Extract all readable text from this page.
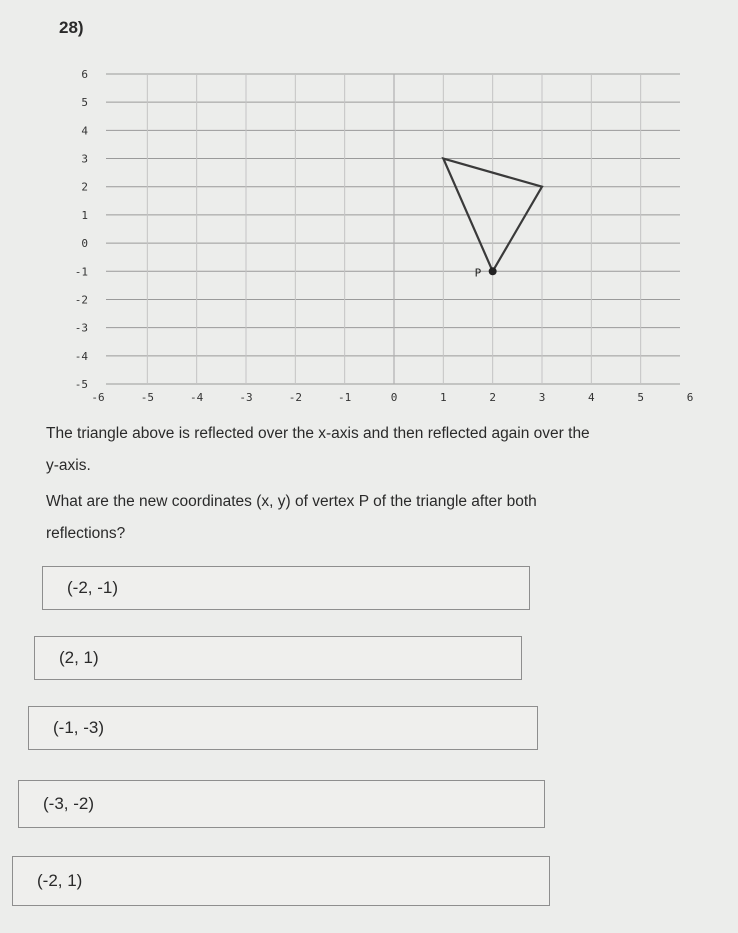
28)
6
5
4
3
2
1
0
-1
-2
-3
-4
-5
-6	-5	-4	-3	-2	-1	0	1	2	3	4	5	6
P
The triangle above is reflected over the x-axis and then reflected again over the
y-axis.
What are the new coordinates (x, y) of vertex P of the triangle after both
reflections?
(-2, -1)
(2, 1)
(-1, -3)
(-3, -2)
(-2, 1)
